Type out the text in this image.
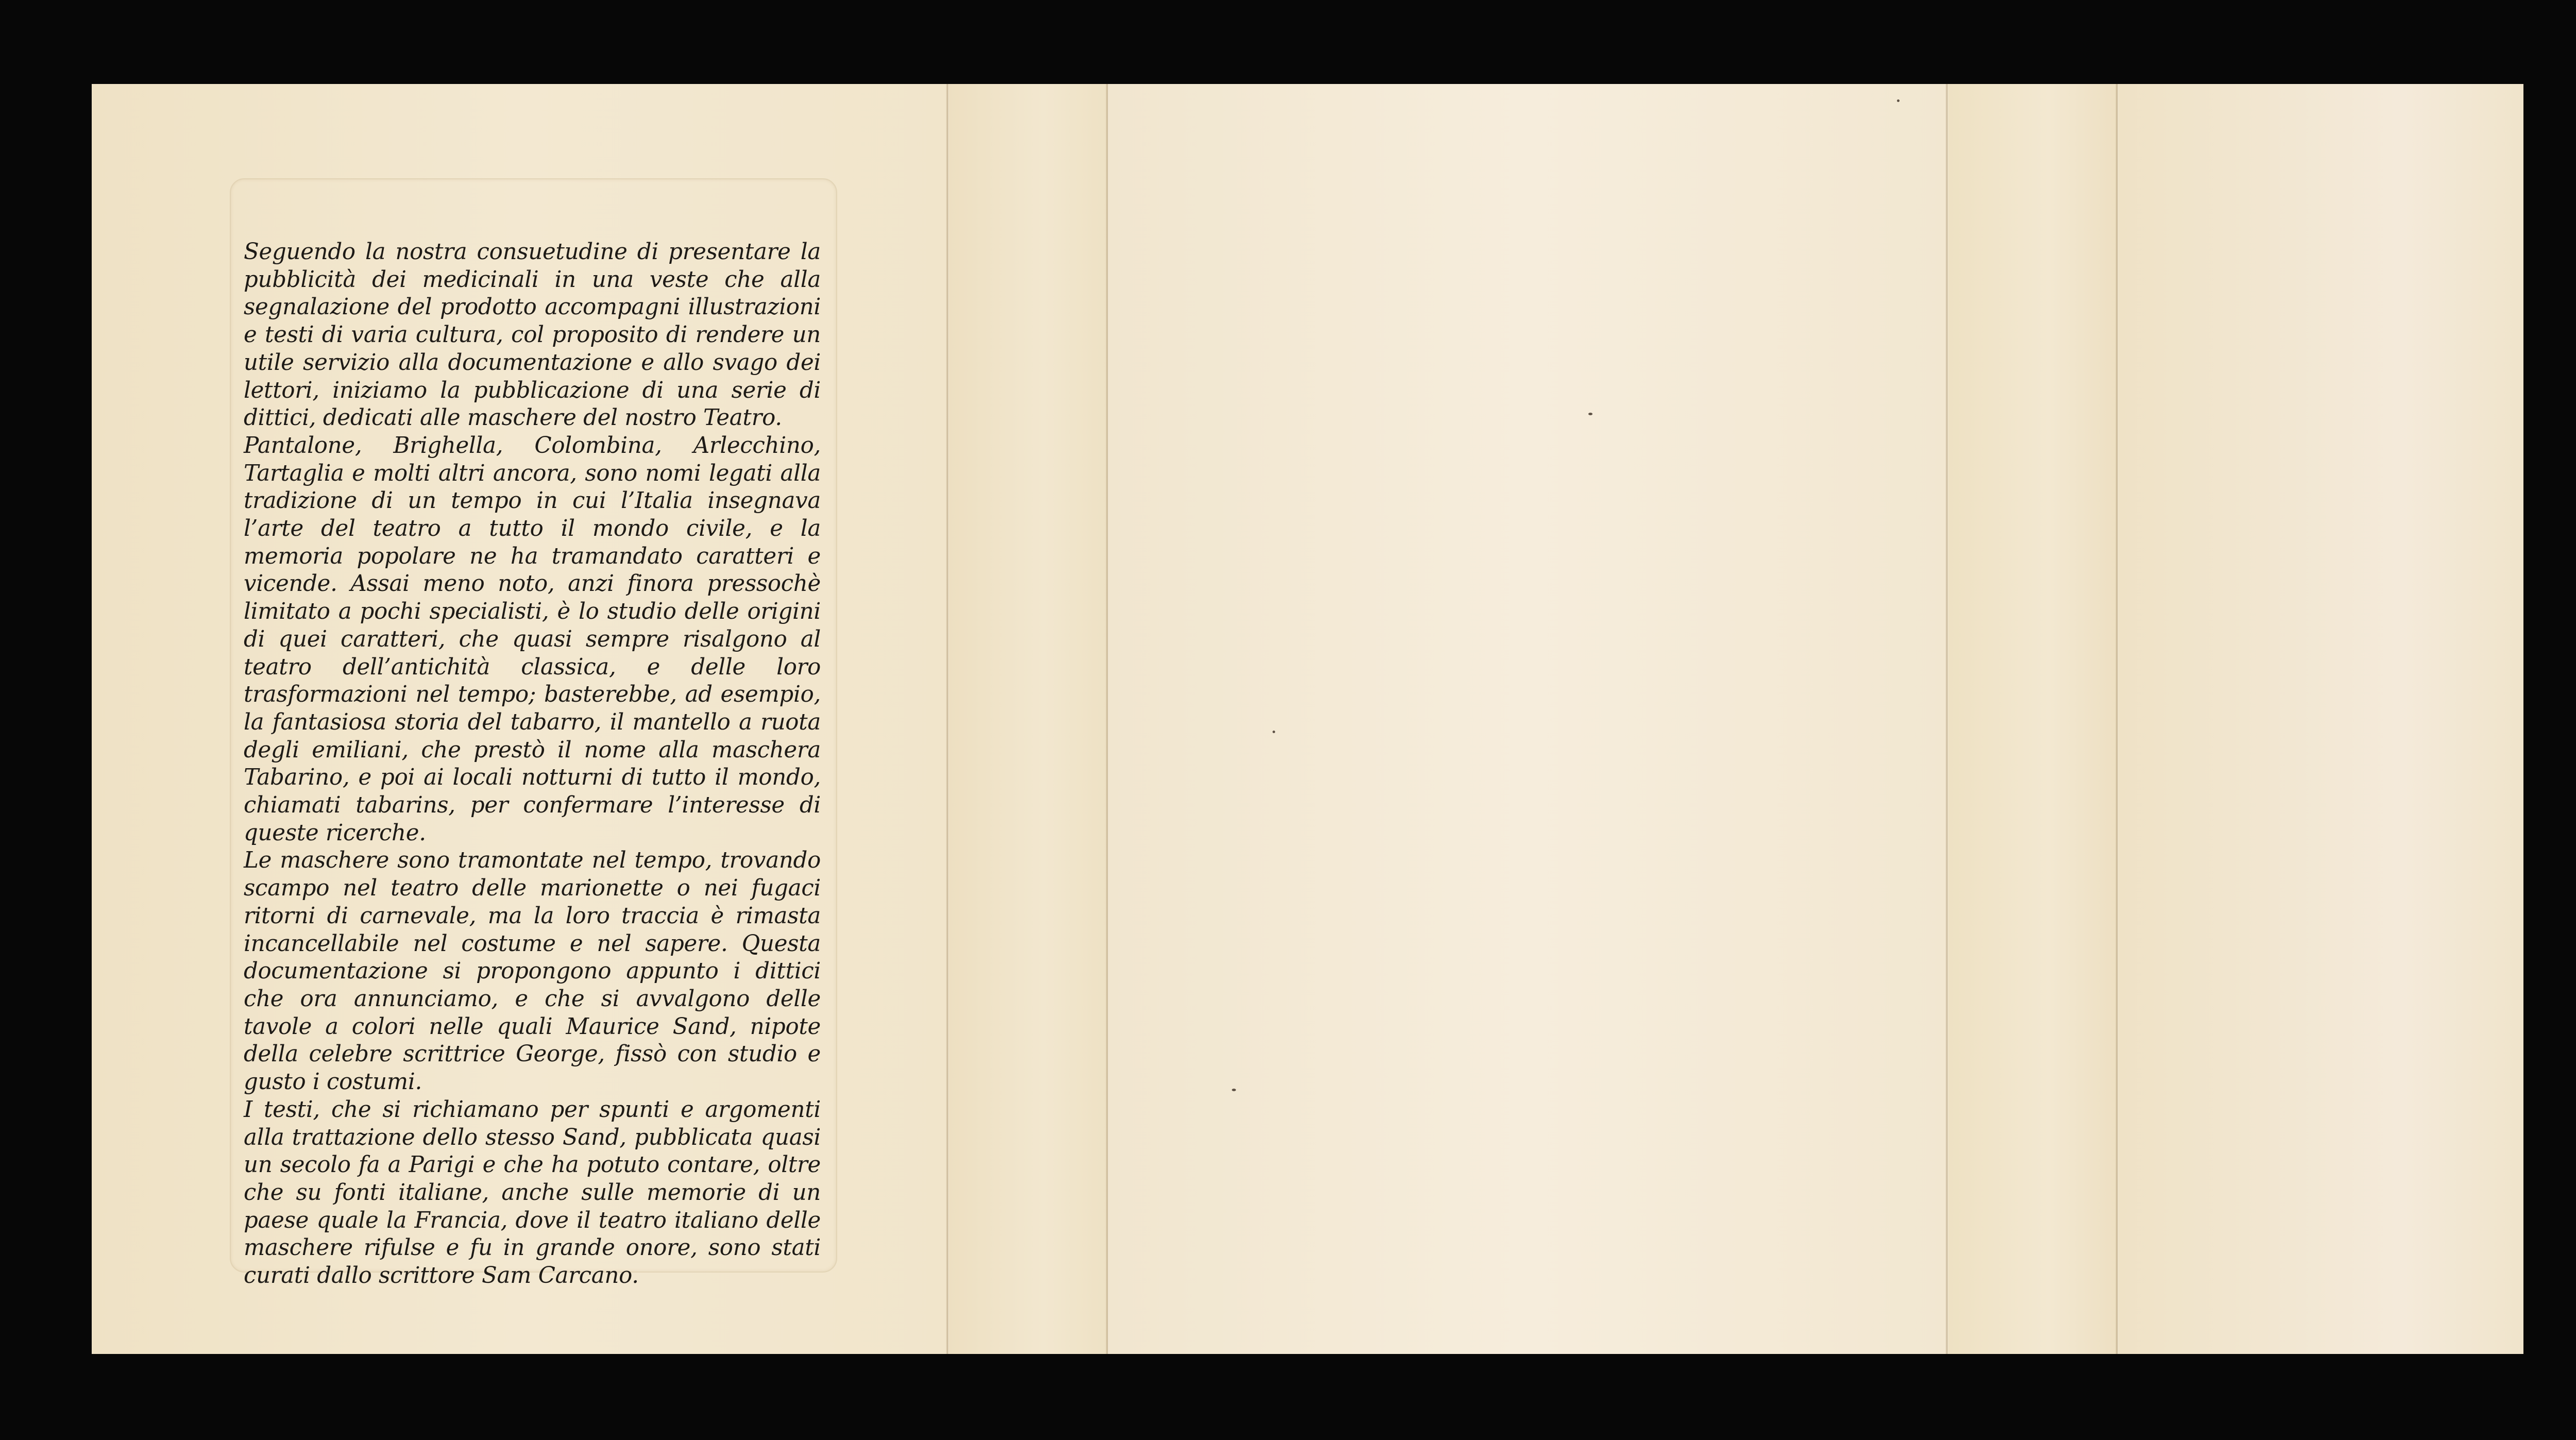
Seguendo la nostra consuetudine di presentare la pubblicità dei medicinali in una veste che alla segnalazione del prodotto accompagni illustrazioni e testi di varia cultura, col proposito di rendere un utile servizio alla documentazione e allo svago dei lettori, iniziamo la pubblicazione di una serie di dittici, dedicati alle maschere del nostro Teatro.

Pantalone, Brighella, Colombina, Arlecchino, Tartaglia e molti altri ancora, sono nomi legati alla tradizione di un tempo in cui l’Italia insegnava l’arte del teatro a tutto il mondo civile, e la memoria popolare ne ha tramandato caratteri e vicende. Assai meno noto, anzi finora pressochè limitato a pochi specialisti, è lo studio delle origini di quei caratteri, che quasi sempre risalgono al teatro dell’antichità classica, e delle loro trasformazioni nel tempo; basterebbe, ad esempio, la fantasiosa storia del tabarro, il mantello a ruota degli emiliani, che prestò il nome alla maschera Tabarino, e poi ai locali notturni di tutto il mondo, chiamati tabarins, per confermare l’interesse di queste ricerche.

Le maschere sono tramontate nel tempo, trovando scampo nel teatro delle marionette o nei fugaci ritorni di carnevale, ma la loro traccia è rimasta incancellabile nel costume e nel sapere. Questa documentazione si propongono appunto i dittici che ora annunciamo, e che si avvalgono delle tavole a colori nelle quali Maurice Sand, nipote della celebre scrittrice George, fissò con studio e gusto i costumi.

I testi, che si richiamano per spunti e argomenti alla trattazione dello stesso Sand, pubblicata quasi un secolo fa a Parigi e che ha potuto contare, oltre che su fonti italiane, anche sulle memorie di un paese quale la Francia, dove il teatro italiano delle maschere rifulse e fu in grande onore, sono stati curati dallo scrittore Sam Carcano.
